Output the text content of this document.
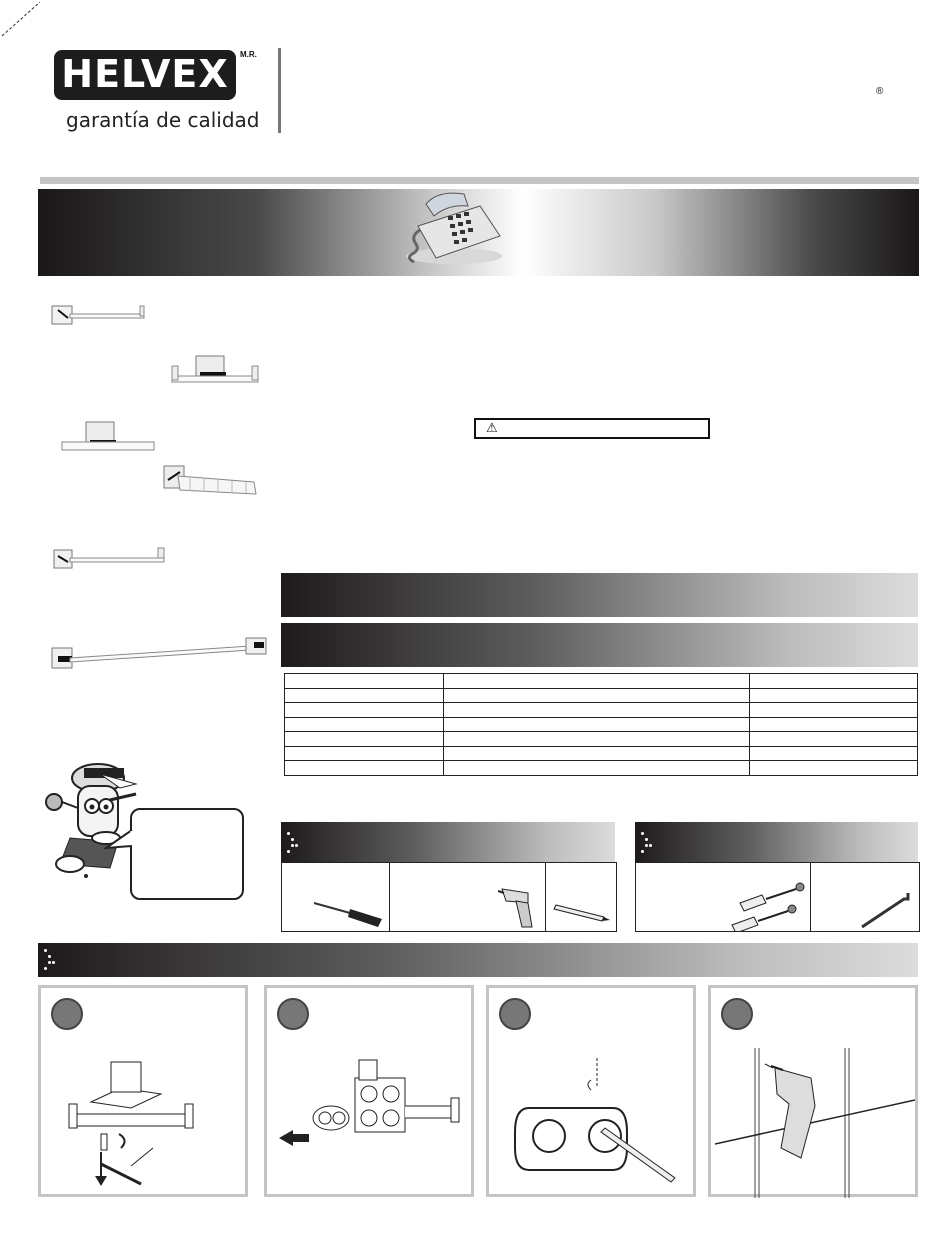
HELVEX	M.R.
garantía de calidad
®
⚠
